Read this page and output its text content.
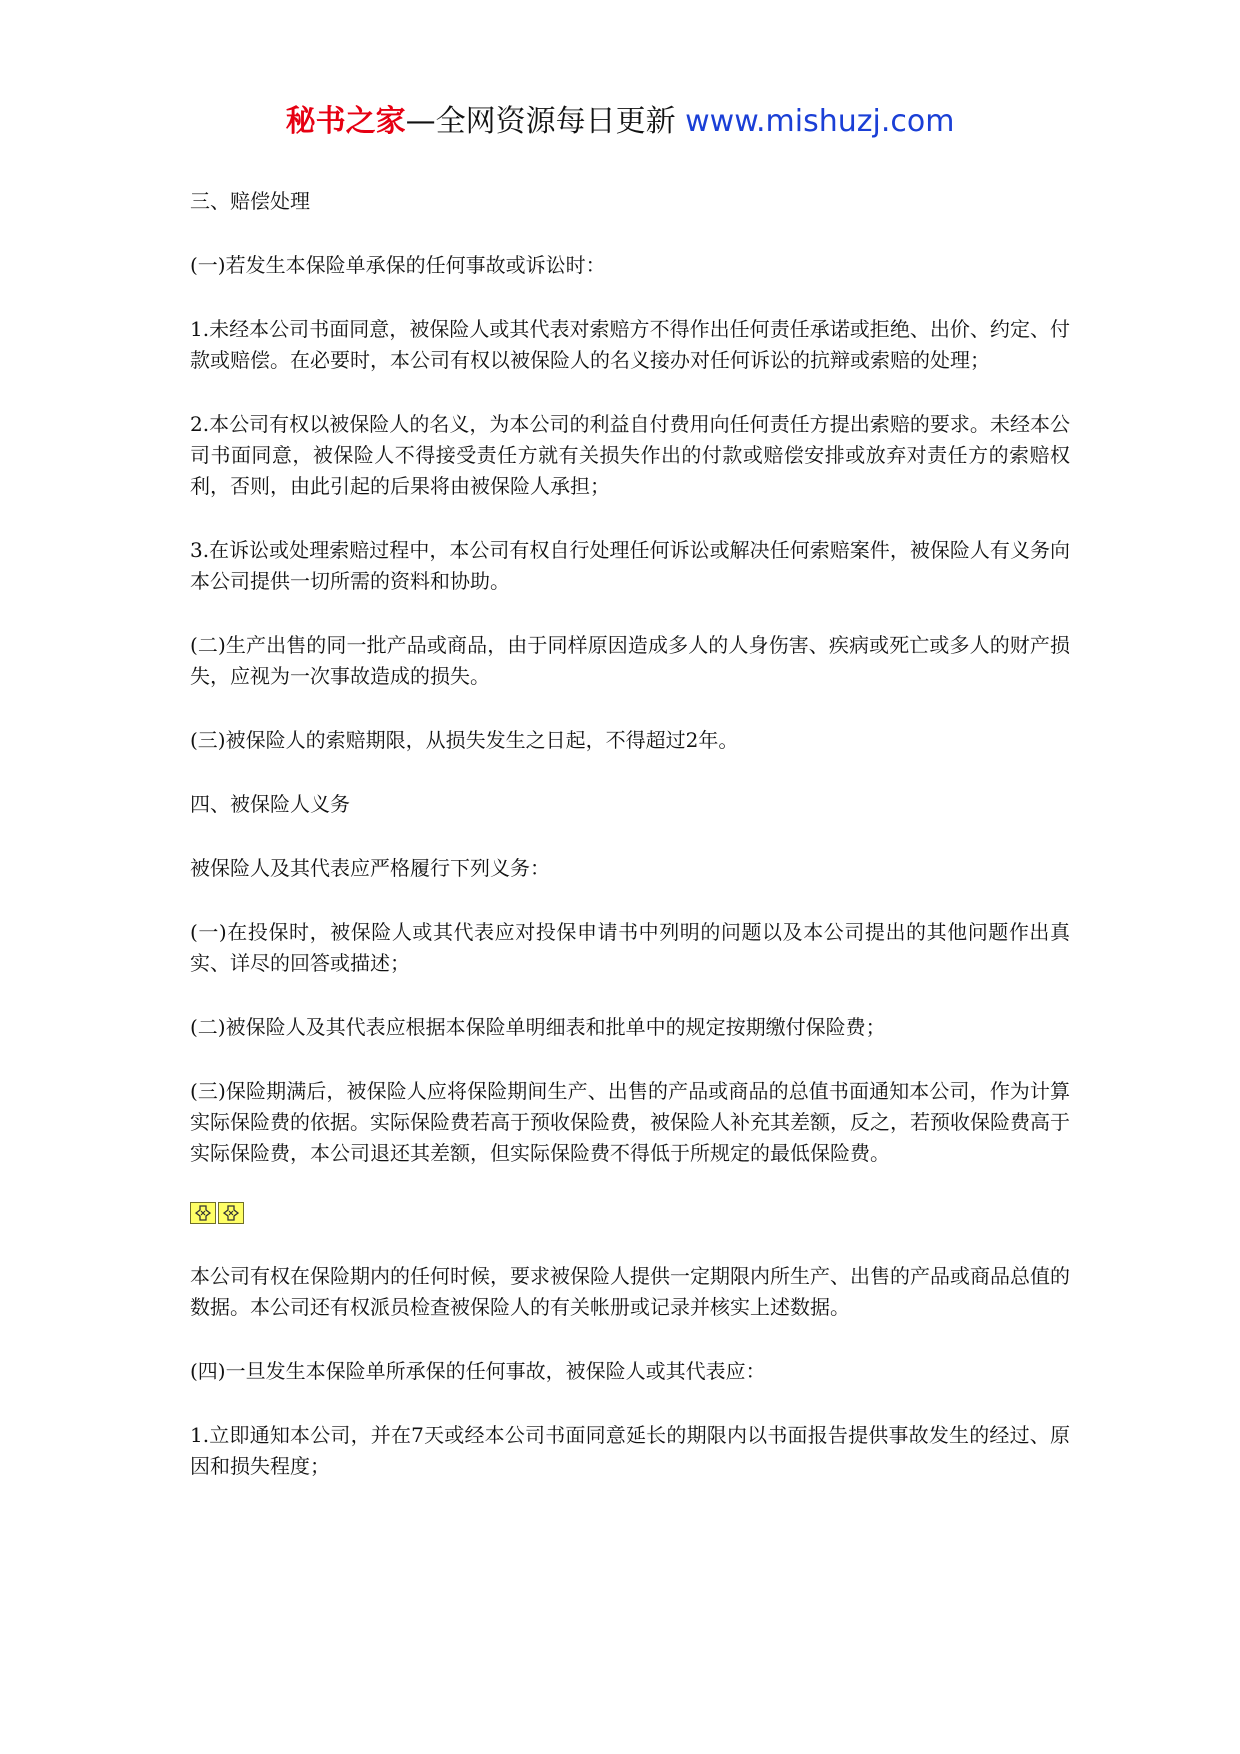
秘书之家—全网资源每日更新 www.mishuzj.com

三、赔偿处理

(一)若发生本保险单承保的任何事故或诉讼时：

1.未经本公司书面同意，被保险人或其代表对索赔方不得作出任何责任承诺或拒绝、出价、约定、付款或赔偿。在必要时，本公司有权以被保险人的名义接办对任何诉讼的抗辩或索赔的处理；

2.本公司有权以被保险人的名义，为本公司的利益自付费用向任何责任方提出索赔的要求。未经本公司书面同意，被保险人不得接受责任方就有关损失作出的付款或赔偿安排或放弃对责任方的索赔权利，否则，由此引起的后果将由被保险人承担；

3.在诉讼或处理索赔过程中，本公司有权自行处理任何诉讼或解决任何索赔案件，被保险人有义务向本公司提供一切所需的资料和协助。

(二)生产出售的同一批产品或商品，由于同样原因造成多人的人身伤害、疾病或死亡或多人的财产损失，应视为一次事故造成的损失。

(三)被保险人的索赔期限，从损失发生之日起，不得超过2年。

四、被保险人义务

被保险人及其代表应严格履行下列义务：

(一)在投保时，被保险人或其代表应对投保申请书中列明的问题以及本公司提出的其他问题作出真实、详尽的回答或描述；

(二)被保险人及其代表应根据本保险单明细表和批单中的规定按期缴付保险费；

(三)保险期满后，被保险人应将保险期间生产、出售的产品或商品的总值书面通知本公司，作为计算实际保险费的依据。实际保险费若高于预收保险费，被保险人补充其差额，反之，若预收保险费高于实际保险费，本公司退还其差额，但实际保险费不得低于所规定的最低保险费。

本公司有权在保险期内的任何时候，要求被保险人提供一定期限内所生产、出售的产品或商品总值的数据。本公司还有权派员检查被保险人的有关帐册或记录并核实上述数据。

(四)一旦发生本保险单所承保的任何事故，被保险人或其代表应：

1.立即通知本公司，并在7天或经本公司书面同意延长的期限内以书面报告提供事故发生的经过、原因和损失程度；
